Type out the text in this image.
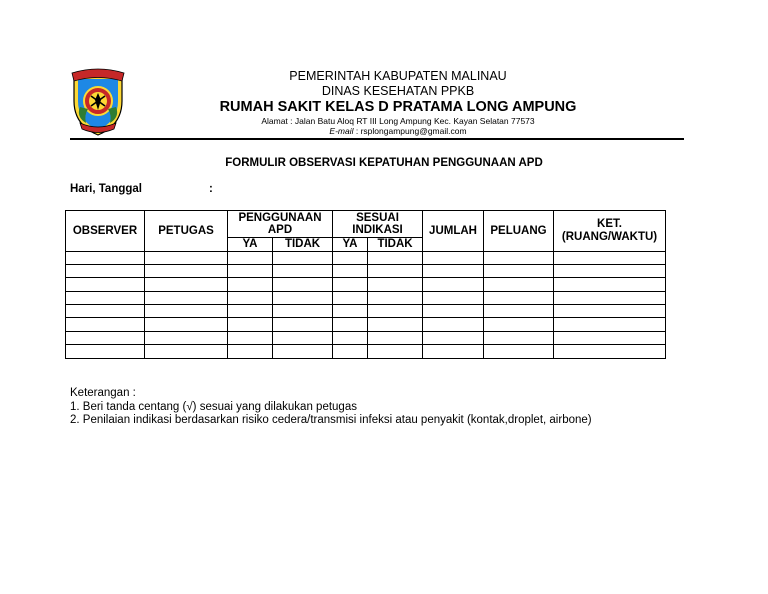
PEMERINTAH KABUPATEN MALINAU
DINAS KESEHATAN PPKB
RUMAH SAKIT KELAS D PRATAMA LONG AMPUNG
Alamat : Jalan Batu Aloq RT III Long Ampung Kec. Kayan Selatan 77573
E-mail : rsplongampung@gmail.com
FORMULIR OBSERVASI KEPATUHAN PENGGUNAAN APD
Hari, Tanggal	:
OBSERVER	PETUGAS	PENGGUNAAN APD		SESUAI INDIKASI		JUMLAH	PELUANG	KET. (RUANG/WAKTU)
		YA	TIDAK	YA	TIDAK			

Keterangan :
1. Beri tanda centang (√) sesuai yang dilakukan petugas
2. Penilaian indikasi berdasarkan risiko cedera/transmisi infeksi atau penyakit (kontak,droplet, airbone)
